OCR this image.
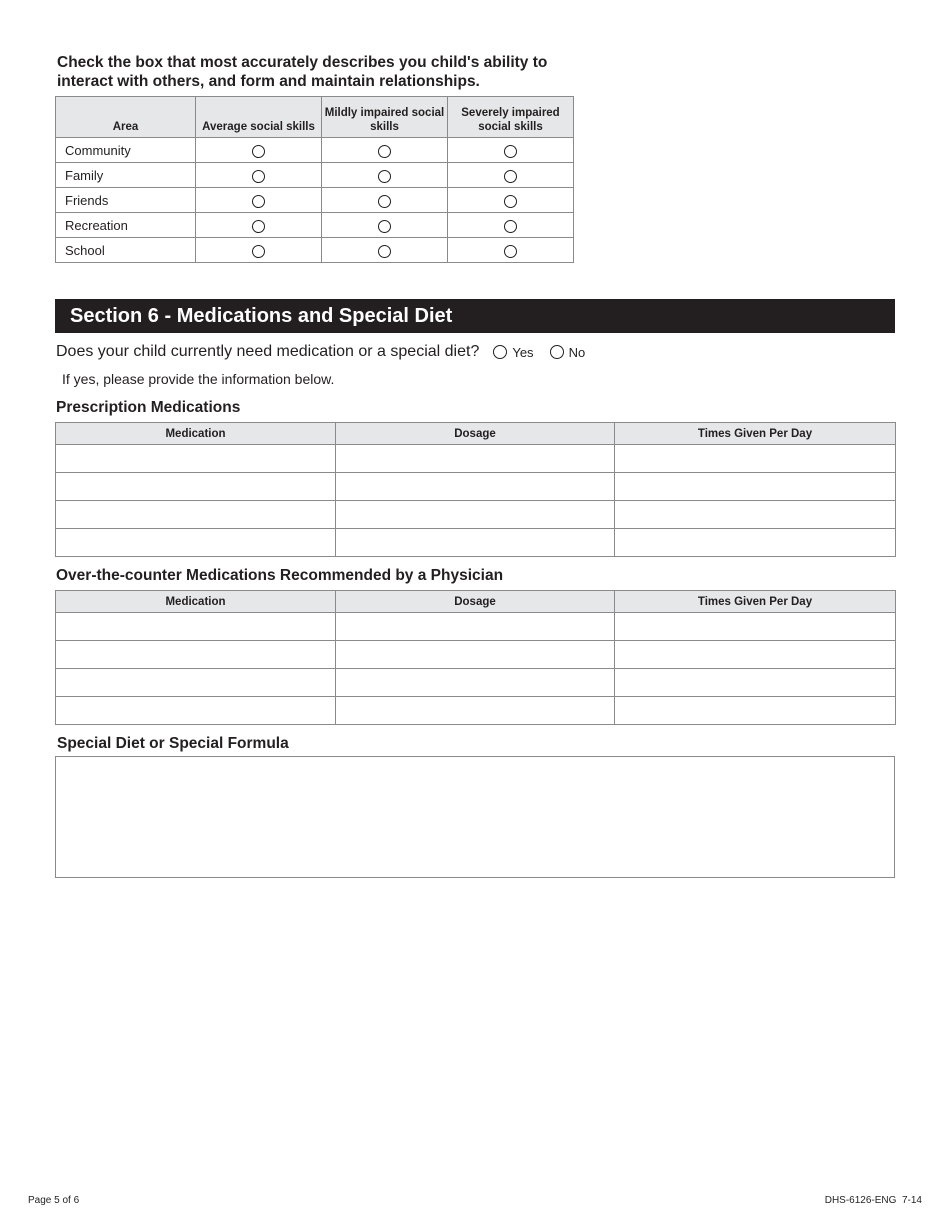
Check the box that most accurately describes you child's ability to interact with others, and form and maintain relationships.
Area	Average social skills	Mildly impaired social skills	Severely impaired social skills
Community			
Family			
Friends			
Recreation			
School			
Section 6 - Medications and Special Diet
Does your child currently need medication or a special diet?	Yes	No
If yes, please provide the information below.
Prescription Medications
Medication	Dosage	Times Given Per Day

Over-the-counter Medications Recommended by a Physician
Medication	Dosage	Times Given Per Day

Special Diet or Special Formula
Page 5 of 6	DHS-6126-ENG  7-14
